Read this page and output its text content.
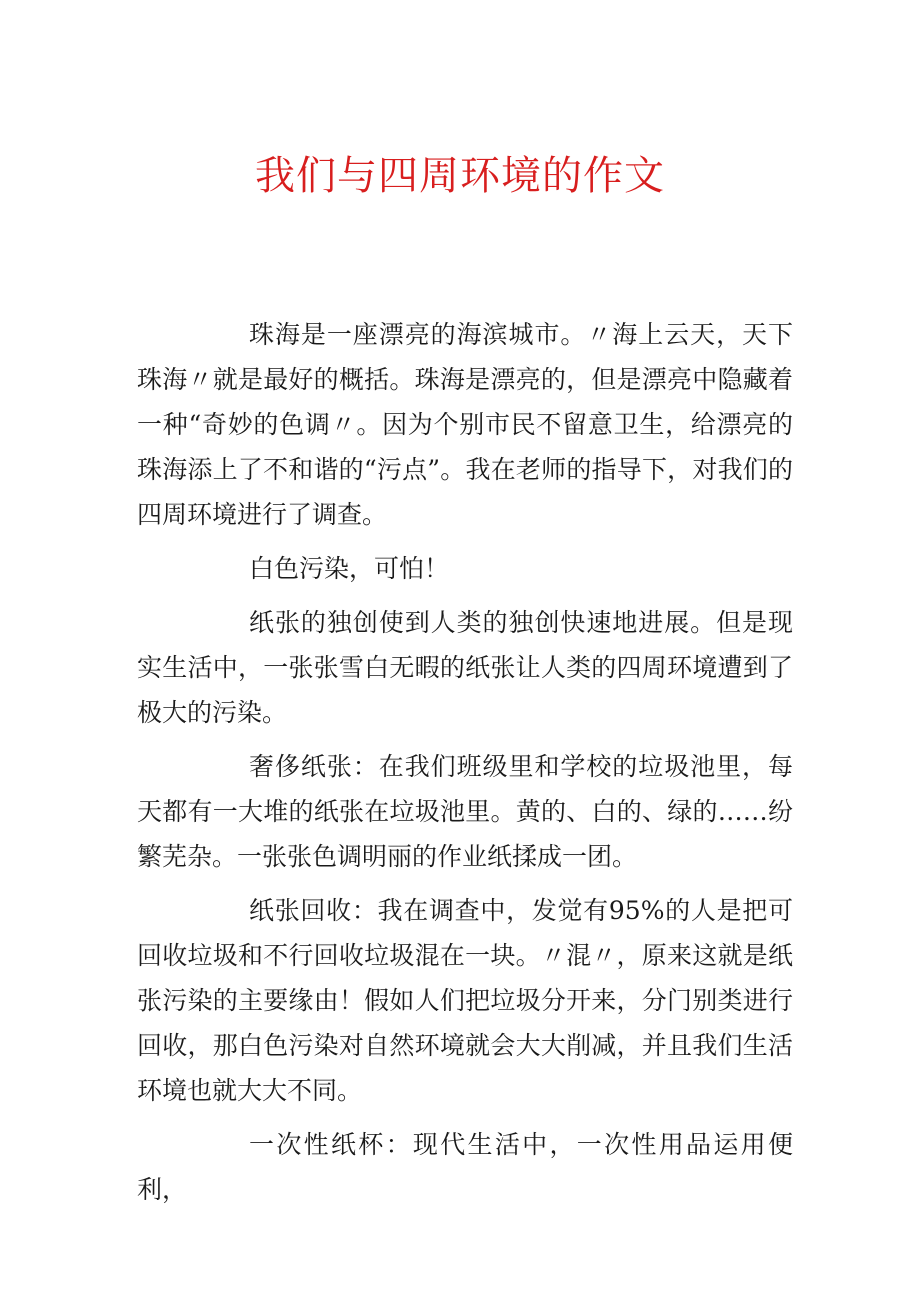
我们与四周环境的作文

珠海是一座漂亮的海滨城市。〃海上云天，天下珠海〃就是最好的概括。珠海是漂亮的，但是漂亮中隐藏着一种“奇妙的色调〃。因为个别市民不留意卫生，给漂亮的珠海添上了不和谐的“污点”。我在老师的指导下，对我们的四周环境进行了调查。

白色污染，可怕！

纸张的独创使到人类的独创快速地进展。但是现实生活中，一张张雪白无暇的纸张让人类的四周环境遭到了极大的污染。

奢侈纸张：在我们班级里和学校的垃圾池里，每天都有一大堆的纸张在垃圾池里。黄的、白的、绿的……纷繁芜杂。一张张色调明丽的作业纸揉成一团。

纸张回收：我在调查中，发觉有95%的人是把可回收垃圾和不行回收垃圾混在一块。〃混〃，原来这就是纸张污染的主要缘由！假如人们把垃圾分开来，分门别类进行回收，那白色污染对自然环境就会大大削减，并且我们生活环境也就大大不同。

一次性纸杯：现代生活中，一次性用品运用便利，
